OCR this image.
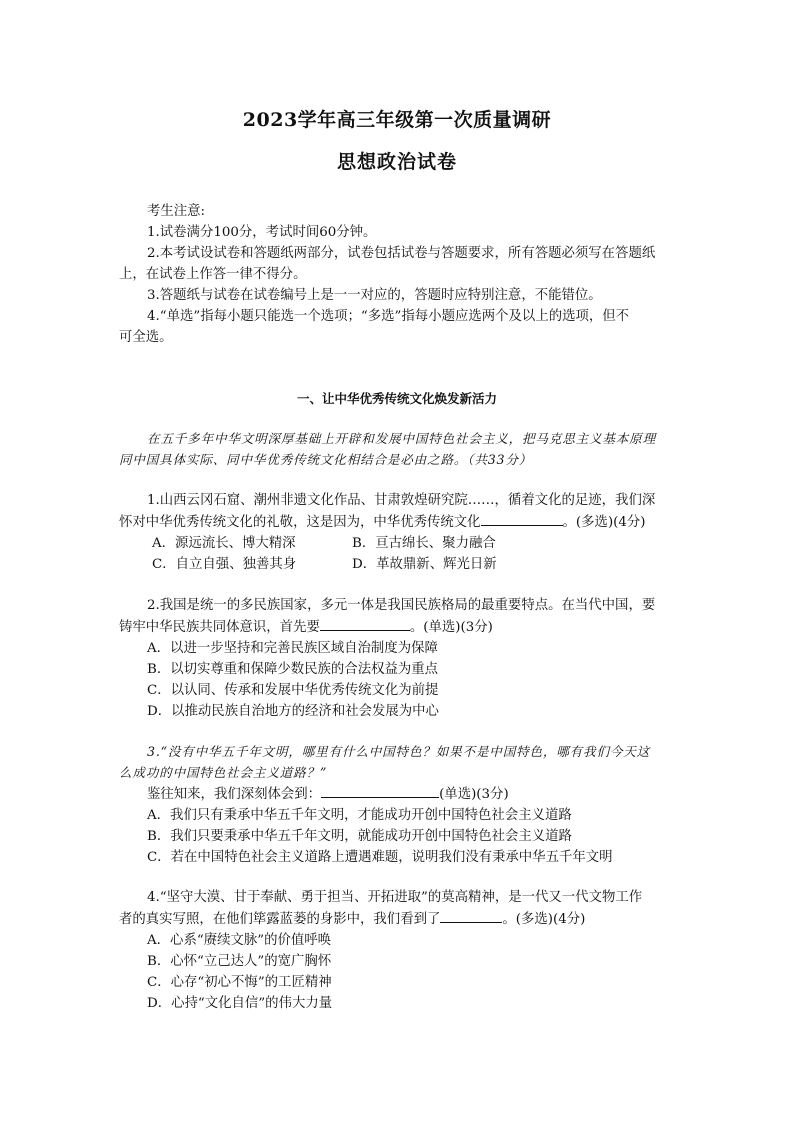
2023学年高三年级第一次质量调研
思想政治试卷

考生注意:

1.试卷满分100分，考试时间60分钟。

2.本考试设试卷和答题纸两部分，试卷包括试卷与答题要求，所有答题必须写在答题纸

上，在试卷上作答一律不得分。

3.答题纸与试卷在试卷编号上是一一对应的，答题时应特别注意，不能错位。

4.“单选”指每小题只能选一个选项；“多选”指每小题应选两个及以上的选项，但不

可全选。

一、让中华优秀传统文化焕发新活力

在五千多年中华文明深厚基础上开辟和发展中国特色社会主义，把马克思主义基本原理

同中国具体实际、同中华优秀传统文化相结合是必由之路。（共33分）

1.山西云冈石窟、潮州非遗文化作品、甘肃敦煌研究院……，循着文化的足迹，我们深

怀对中华优秀传统文化的礼敬，这是因为，中华优秀传统文化	。(多选)(4分)

A．源远流长、博大精深	B．亘古绵长、聚力融合
C．自立自强、独善其身	D．革故鼎新、辉光日新

2.我国是统一的多民族国家，多元一体是我国民族格局的最重要特点。在当代中国，要

铸牢中华民族共同体意识，首先要	。(单选)(3分)

A．以进一步坚持和完善民族区域自治制度为保障

B．以切实尊重和保障少数民族的合法权益为重点

C．以认同、传承和发展中华优秀传统文化为前提

D．以推动民族自治地方的经济和社会发展为中心

3.“没有中华五千年文明，哪里有什么中国特色？如果不是中国特色，哪有我们今天这

么成功的中国特色社会主义道路？”

鉴往知来，我们深刻体会到：	(单选)(3分)

A．我们只有秉承中华五千年文明，才能成功开创中国特色社会主义道路

B．我们只要秉承中华五千年文明，就能成功开创中国特色社会主义道路

C．若在中国特色社会主义道路上遭遇难题，说明我们没有秉承中华五千年文明

4.“坚守大漠、甘于奉献、勇于担当、开拓进取”的莫高精神，是一代又一代文物工作

者的真实写照，在他们筚露蓝蒌的身影中，我们看到了	。(多选)(4分)

A．心系“赓续文脉”的价值呼唤

B．心怀“立己达人”的宽广胸怀

C．心存“初心不悔”的工匠精神

D．心持“文化自信”的伟大力量
